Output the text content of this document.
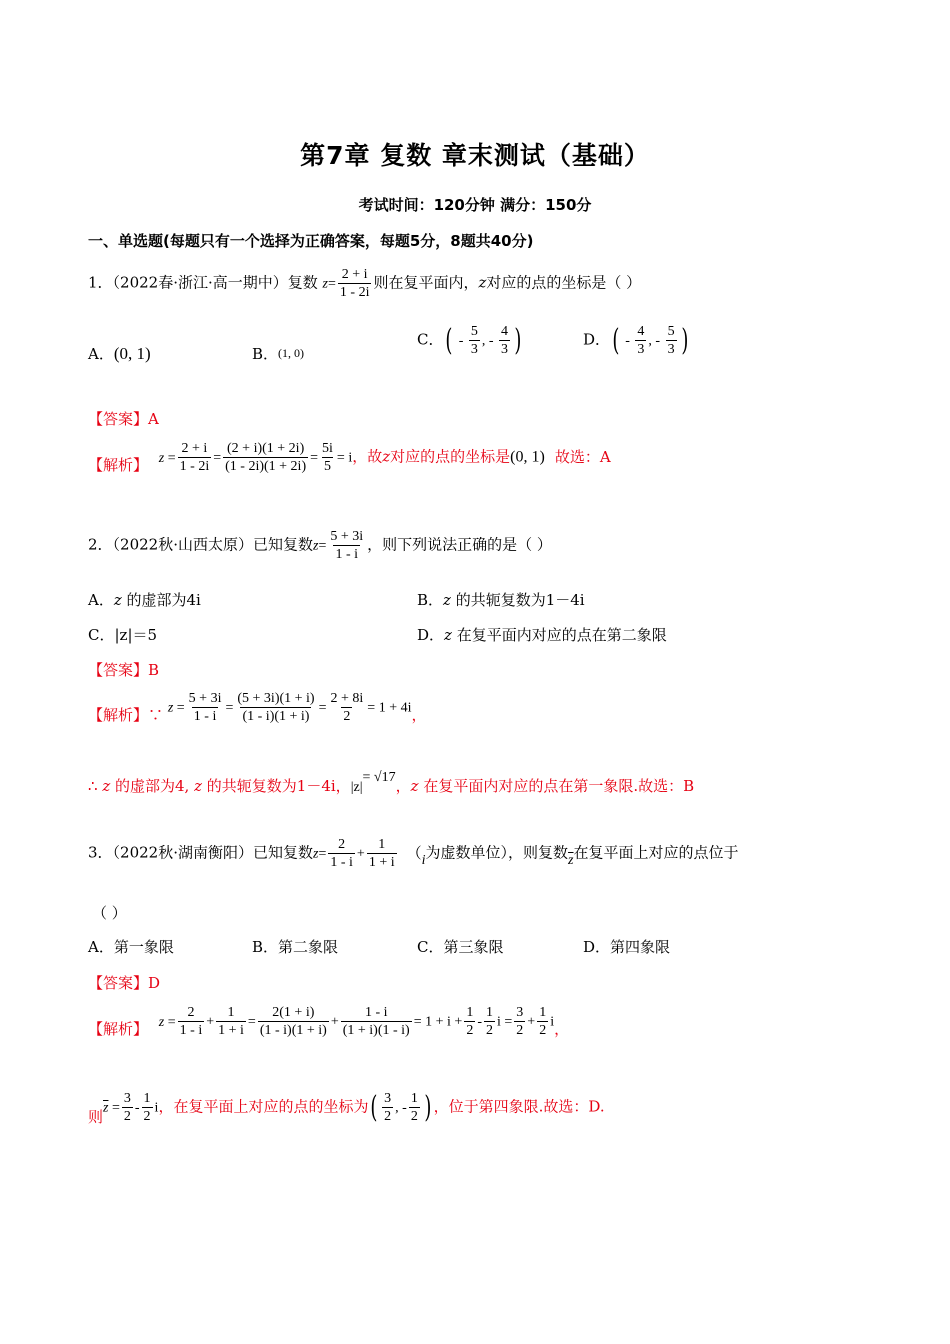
第7章 复数 章末测试（基础）
考试时间：120分钟 满分：150分
一、单选题(每题只有一个选择为正确答案，每题5分，8题共40分)
1．（2022春·浙江·高一期中）复数 $z= \frac{2 + i}{1 - 2i}$ 则在复平面内，z对应的点的坐标是（ ）
A．(0, 1)	B．(1, 0)
C．( - $\frac{5}{3}$ , - $\frac{4}{3}$ )	D．( - $\frac{4}{3}$ , - $\frac{5}{3}$ )
【答案】A
【解析】 $z = \frac{2 + i}{1 - 2i} = \frac{(2 + i)(1 + 2i)}{(1 - 2i)(1 + 2i)} = \frac{5i}{5} = i$，故z对应的点的坐标是(0, 1) 故选：A
2．（2022秋·山西太原）已知复数$z= \frac{5 + 3i}{1 - i}$ ，则下列说法正确的是（ ）
A．z 的虚部为4i	B．z 的共轭复数为1－4i
C．|z|＝5	D．z 在复平面内对应的点在第二象限
【答案】B
【解析】∵ $z = \frac{5 + 3i}{1 - i} = \frac{(5 + 3i)(1 + i)}{(1 - i)(1 + i)} = \frac{2 + 8i}{2} = 1 + 4i$，
∴ z 的虚部为4, z 的共轭复数为1－4i，|z|= √17，z 在复平面内对应的点在第一象限.故选：B
3．（2022秋·湖南衡阳）已知复数$z= \frac{2}{1 - i} + \frac{1}{1 + i} (i$为虚数单位），则复数$\overline{z}$在复平面上对应的点位于
（ ）
A．第一象限	B．第二象限	C．第三象限	D．第四象限
【答案】D
【解析】 $z = \frac{2}{1 - i} + \frac{1}{1 + i} = \frac{2(1 + i)}{(1 - i)(1 + i)} + \frac{1 - i}{(1 + i)(1 - i)} = 1 + i + \frac{1}{2} - \frac{1}{2}$ $i = \frac{3}{2} + \frac{1}{2}$ i，
则$\overline{z} = \frac{3}{2} - \frac{1}{2}$ i，在复平面上对应的点的坐标为( $\frac{3}{2}$ , - $\frac{1}{2}$ ) ，位于第四象限.故选：D.
